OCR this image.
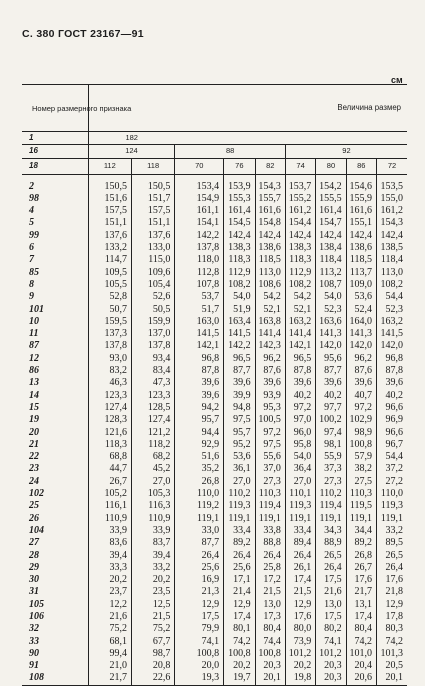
С. 380 ГОСТ 23167—91
см
Номер размерного признака	Величина размер								
1	182								
16	124		88			92			
18	112	118	70	76	82	74	80	86	72

2	150,5	150,5	153,4	153,9	154,3	153,7	154,2	154,6	153,5
98	151,6	151,7	154,9	155,3	155,7	155,2	155,5	155,9	155,0
4	157,5	157,5	161,1	161,4	161,6	161,2	161,4	161,6	161,2
5	151,1	151,1	154,1	154,5	154,8	154,4	154,7	155,1	154,3
99	137,6	137,6	142,2	142,4	142,4	142,4	142,4	142,4	142,4
6	133,2	133,0	137,8	138,3	138,6	138,3	138,4	138,6	138,5
7	114,7	115,0	118,0	118,3	118,5	118,3	118,4	118,5	118,4
85	109,5	109,6	112,8	112,9	113,0	112,9	113,2	113,7	113,0
8	105,5	105,4	107,8	108,2	108,6	108,2	108,7	109,0	108,2
9	52,8	52,6	53,7	54,0	54,2	54,2	54,0	53,6	54,4
101	50,7	50,5	51,7	51,9	52,1	52,1	52,3	52,4	52,3
10	159,5	159,9	163,0	163,4	163,8	163,2	163,6	164,0	163,2
11	137,3	137,0	141,5	141,5	141,4	141,4	141,3	141,3	141,5
87	137,8	137,8	142,1	142,2	142,3	142,1	142,0	142,0	142,0
12	93,0	93,4	96,8	96,5	96,2	96,5	95,6	96,2	96,8
86	83,2	83,4	87,8	87,7	87,6	87,8	87,7	87,6	87,8
13	46,3	47,3	39,6	39,6	39,6	39,6	39,6	39,6	39,6
14	123,3	123,3	39,6	39,9	93,9	40,2	40,2	40,7	40,2
15	127,4	128,5	94,2	94,8	95,3	97,2	97,7	97,2	96,6
19	128,3	127,4	95,7	97,5	100,5	97,0	100,2	102,9	96,9
20	121,6	121,2	94,4	95,7	97,2	96,0	97,4	98,9	96,6
21	118,3	118,2	92,9	95,2	97,5	95,8	98,1	100,8	96,7
22	68,8	68,2	51,6	53,6	55,6	54,0	55,9	57,9	54,4
23	44,7	45,2	35,2	36,1	37,0	36,4	37,3	38,2	37,2
24	26,7	27,0	26,8	27,0	27,3	27,0	27,3	27,5	27,2
102	105,2	105,3	110,0	110,2	110,3	110,1	110,2	110,3	110,0
25	116,1	116,3	119,2	119,3	119,4	119,3	119,4	119,5	119,3
26	110,9	110,9	119,1	119,1	119,1	119,1	119,1	119,1	119,1
104	33,9	33,9	33,0	33,4	33,8	33,4	34,3	34,4	33,2
27	83,6	83,7	87,7	89,2	88,8	89,4	88,9	89,2	89,5
28	39,4	39,4	26,4	26,4	26,4	26,4	26,5	26,8	26,5
29	33,3	33,2	25,6	25,6	25,8	26,1	26,4	26,7	26,4
30	20,2	20,2	16,9	17,1	17,2	17,4	17,5	17,6	17,6
31	23,7	23,5	21,3	21,4	21,5	21,5	21,6	21,7	21,8
105	12,2	12,5	12,9	12,9	13,0	12,9	13,0	13,1	12,9
106	21,6	21,5	17,5	17,4	17,3	17,6	17,5	17,4	17,8
32	75,2	75,2	79,9	80,1	80,4	80,0	80,2	80,4	80,3
33	68,1	67,7	74,1	74,2	74,4	73,9	74,1	74,2	74,2
90	99,4	98,7	100,8	100,8	100,8	101,2	101,2	101,0	101,3
91	21,0	20,8	20,0	20,2	20,3	20,2	20,3	20,4	20,5
108	21,7	22,6	19,3	19,7	20,1	19,8	20,3	20,6	20,1
